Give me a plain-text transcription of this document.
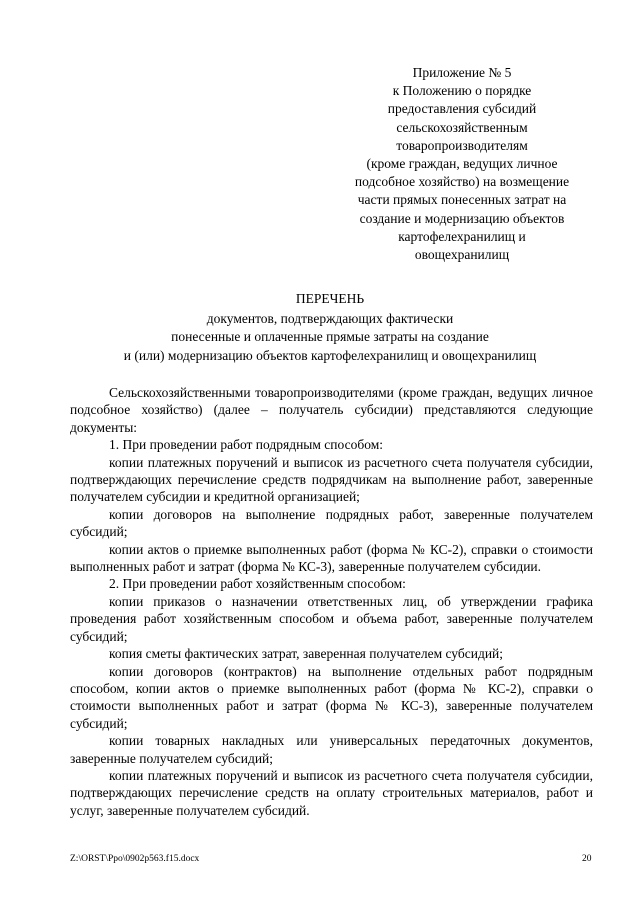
Приложение № 5
к Положению о порядке
предоставления субсидий
сельскохозяйственным
товаропроизводителям
(кроме граждан, ведущих личное
подсобное хозяйство) на возмещение
части прямых понесенных затрат на
создание и модернизацию объектов
картофелехранилищ и
овощехранилищ
ПЕРЕЧЕНЬ
документов, подтверждающих фактически
понесенные и оплаченные прямые затраты на создание
и (или) модернизацию объектов картофелехранилищ и овощехранилищ

Сельскохозяйственными товаропроизводителями (кроме граждан, ведущих личное подсобное хозяйство) (далее – получатель субсидии) представляются следующие документы:

1. При проведении работ подрядным способом:

копии платежных поручений и выписок из расчетного счета получателя субсидии, подтверждающих перечисление средств подрядчикам на выполнение работ, заверенные получателем субсидии и кредитной организацией;

копии договоров на выполнение подрядных работ, заверенные получателем субсидий;

копии актов о приемке выполненных работ (форма № КС-2), справки о стоимости выполненных работ и затрат (форма № КС-3), заверенные получателем субсидии.

2. При проведении работ хозяйственным способом:

копии приказов о назначении ответственных лиц, об утверждении графика проведения работ хозяйственным способом и объема работ, заверенные получателем субсидий;

копия сметы фактических затрат, заверенная получателем субсидий;

копии договоров (контрактов) на выполнение отдельных работ подрядным способом, копии актов о приемке выполненных работ (форма № КС-2), справки о стоимости выполненных работ и затрат (форма № КС-3), заверенные получателем субсидий;

копии товарных накладных или универсальных передаточных документов, заверенные получателем субсидий;

копии платежных поручений и выписок из расчетного счета получателя субсидии, подтверждающих перечисление средств на оплату строительных материалов, работ и услуг, заверенные получателем субсидий.

Z:\ORST\Ppo\0902p563.f15.docx	20
